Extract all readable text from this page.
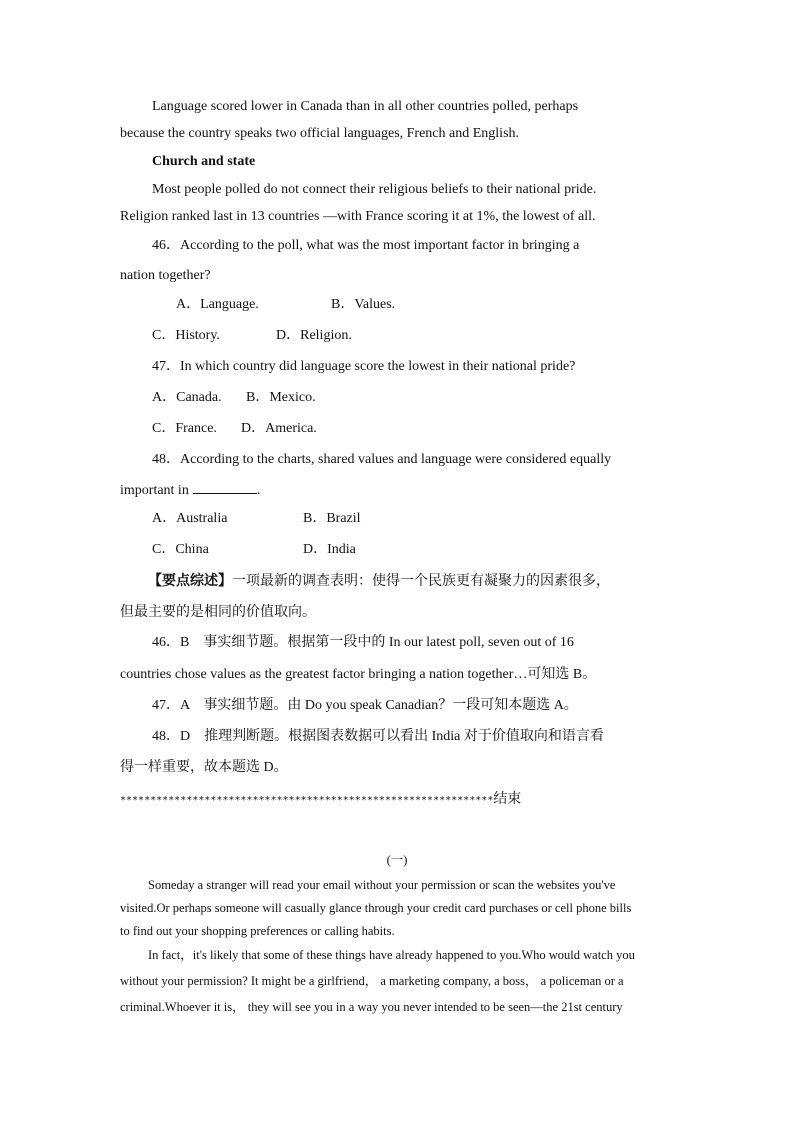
Language scored lower in Canada than in all other countries polled, perhaps
because the country speaks two official languages, French and English.
Church and state
Most people polled do not connect their religious beliefs to their national pride.
Religion ranked last in 13 countries —with France scoring it at 1%, the lowest of all.
46．According to the poll, what was the most important factor in bringing a
nation together?
A．Language.	B．Values.
C．History.	D．Religion.
47．In which country did language score the lowest in their national pride?
A．Canada. B．Mexico.
C．France. D．America.
48．According to the charts, shared values and language were considered equally
important in	.
A．Australia	B．Brazil
C．China	D．India
【要点综述】一项最新的调查表明：使得一个民族更有凝聚力的因素很多，
但最主要的是相同的价值取向。
46．B　事实细节题。根据第一段中的 In our latest poll, seven out of 16
countries chose values as the greatest factor bringing a nation together…可知选 B。
47．A　事实细节题。由 Do you speak Canadian？一段可知本题选 A。
48．D　推理判断题。根据图表数据可以看出 India 对于价值取向和语言看
得一样重要，故本题选 D。
**************************************************************结束
(一)
Someday a stranger will read your email without your permission or scan the websites you've
visited.Or perhaps someone will casually glance through your credit card purchases or cell phone bills
to find out your shopping preferences or calling habits.
In fact，it's likely that some of these things have already happened to you.Who would watch you
without your permission? It might be a girlfriend， a marketing company, a boss， a policeman or a
criminal.Whoever it is， they will see you in a way you never intended to be seen—the 21st century
